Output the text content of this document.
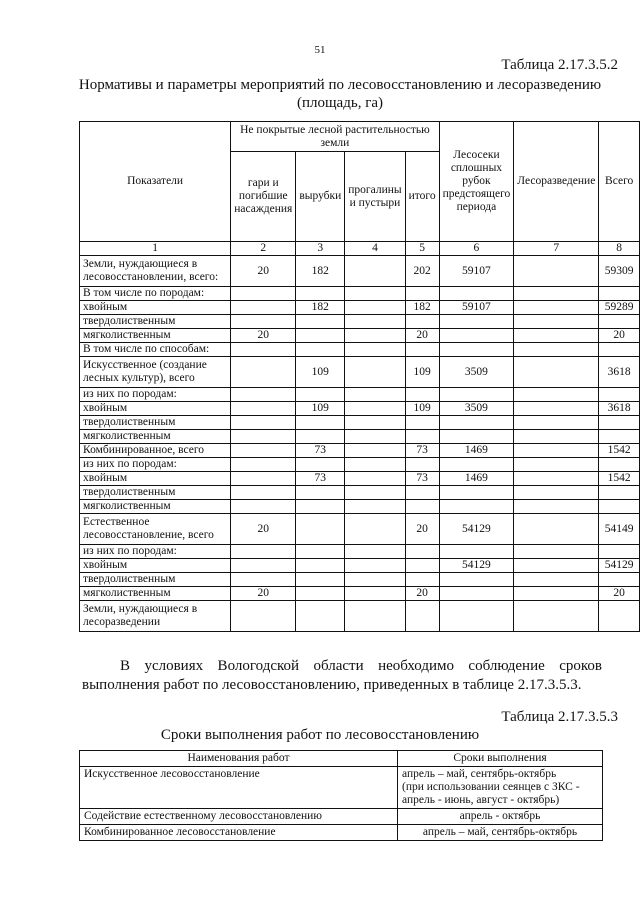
51
Таблица 2.17.3.5.2
Нормативы и параметры мероприятий по лесовосстановлению и лесоразведению
(площадь, га)
Показатели	Не покрытые лесной растительностью земли				Лесосеки сплошных рубок предстоящего периода	Лесоразведение	Всего
	гари и погибшие насаждения	вырубки	прогалины и пустыри	итого			
1	2	3	4	5	6	7	8
Земли, нуждающиеся в лесовосстановлении, всего:	20	182		202	59107		59309
В том числе по породам:							
хвойным		182		182	59107		59289
твердолиственным							
мягколиственным	20			20			20
В том числе по способам:							
Искусственное (создание лесных культур), всего		109		109	3509		3618
из них по породам:							
хвойным		109		109	3509		3618
твердолиственным							
мягколиственным							
Комбинированное, всего		73		73	1469		1542
из них по породам:							
хвойным		73		73	1469		1542
твердолиственным							
мягколиственным							
Естественное лесовосстановление, всего	20			20	54129		54149
из них по породам:							
хвойным					54129		54129
твердолиственным							
мягколиственным	20			20			20
Земли, нуждающиеся в лесоразведении							
В условиях Вологодской области необходимо соблюдение сроков
выполнения работ по лесовосстановлению, приведенных в таблице 2.17.3.5.3.
Таблица 2.17.3.5.3
Сроки выполнения работ по лесовосстановлению
Наименования работ	Сроки выполнения
Искусственное лесовосстановление	апрель – май, сентябрь-октябрь
(при использовании сеянцев с ЗКС -
апрель - июнь, август - октябрь)

Содействие естественному лесовосстановлению	апрель - октябрь

Комбинированное лесовосстановление	апрель – май, сентябрь-октябрь
